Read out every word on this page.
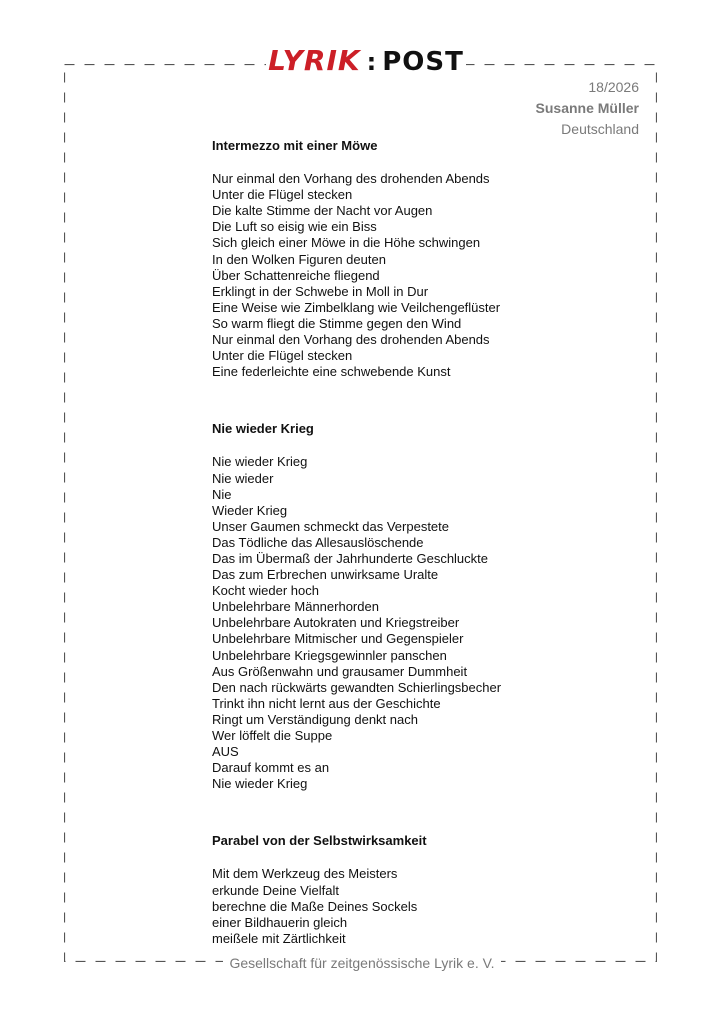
LYRIK : POST
18/2026
Susanne Müller
Deutschland
Intermezzo mit einer Möwe
Nur einmal den Vorhang des drohenden Abends
Unter die Flügel stecken
Die kalte Stimme der Nacht vor Augen
Die Luft so eisig wie ein Biss
Sich gleich einer Möwe in die Höhe schwingen
In den Wolken Figuren deuten
Über Schattenreiche fliegend
Erklingt in der Schwebe in Moll in Dur
Eine Weise wie Zimbelklang wie Veilchengeflüster
So warm fliegt die Stimme gegen den Wind
Nur einmal den Vorhang des drohenden Abends
Unter die Flügel stecken
Eine federleichte eine schwebende Kunst
Nie wieder Krieg
Nie wieder Krieg
Nie wieder
Nie
Wieder Krieg
Unser Gaumen schmeckt das Verpestete
Das Tödliche das Allesauslöschende
Das im Übermaß der Jahrhunderte Geschluckte
Das zum Erbrechen unwirksame Uralte
Kocht wieder hoch
Unbelehrbare Männerhorden
Unbelehrbare Autokraten und Kriegstreiber
Unbelehrbare Mitmischer und Gegenspieler
Unbelehrbare Kriegsgewinnler panschen
Aus Größenwahn und grausamer Dummheit
Den nach rückwärts gewandten Schierlingsbecher
Trinkt ihn nicht lernt aus der Geschichte
Ringt um Verständigung denkt nach
Wer löffelt die Suppe
AUS
Darauf kommt es an
Nie wieder Krieg
Parabel von der Selbstwirksamkeit
Mit dem Werkzeug des Meisters
erkunde Deine Vielfalt
berechne die Maße Deines Sockels
einer Bildhauerin gleich
meißele mit Zärtlichkeit
Gesellschaft für zeitgenössische Lyrik e. V.
